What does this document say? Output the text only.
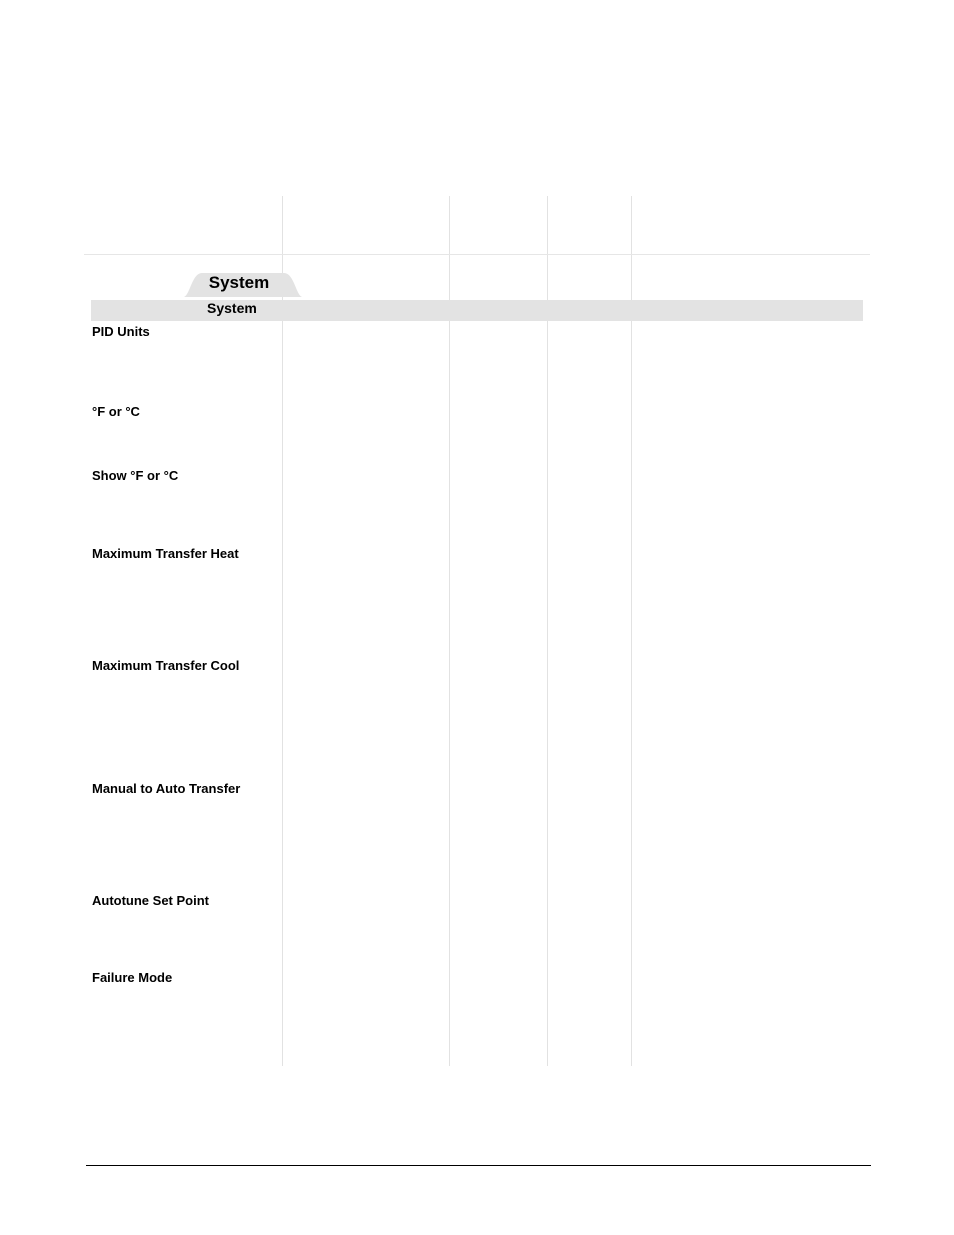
System
System
PID Units
°F or °C
Show °F or °C
Maximum Transfer Heat
Maximum Transfer Cool
Manual to Auto Transfer
Autotune Set Point
Failure Mode
